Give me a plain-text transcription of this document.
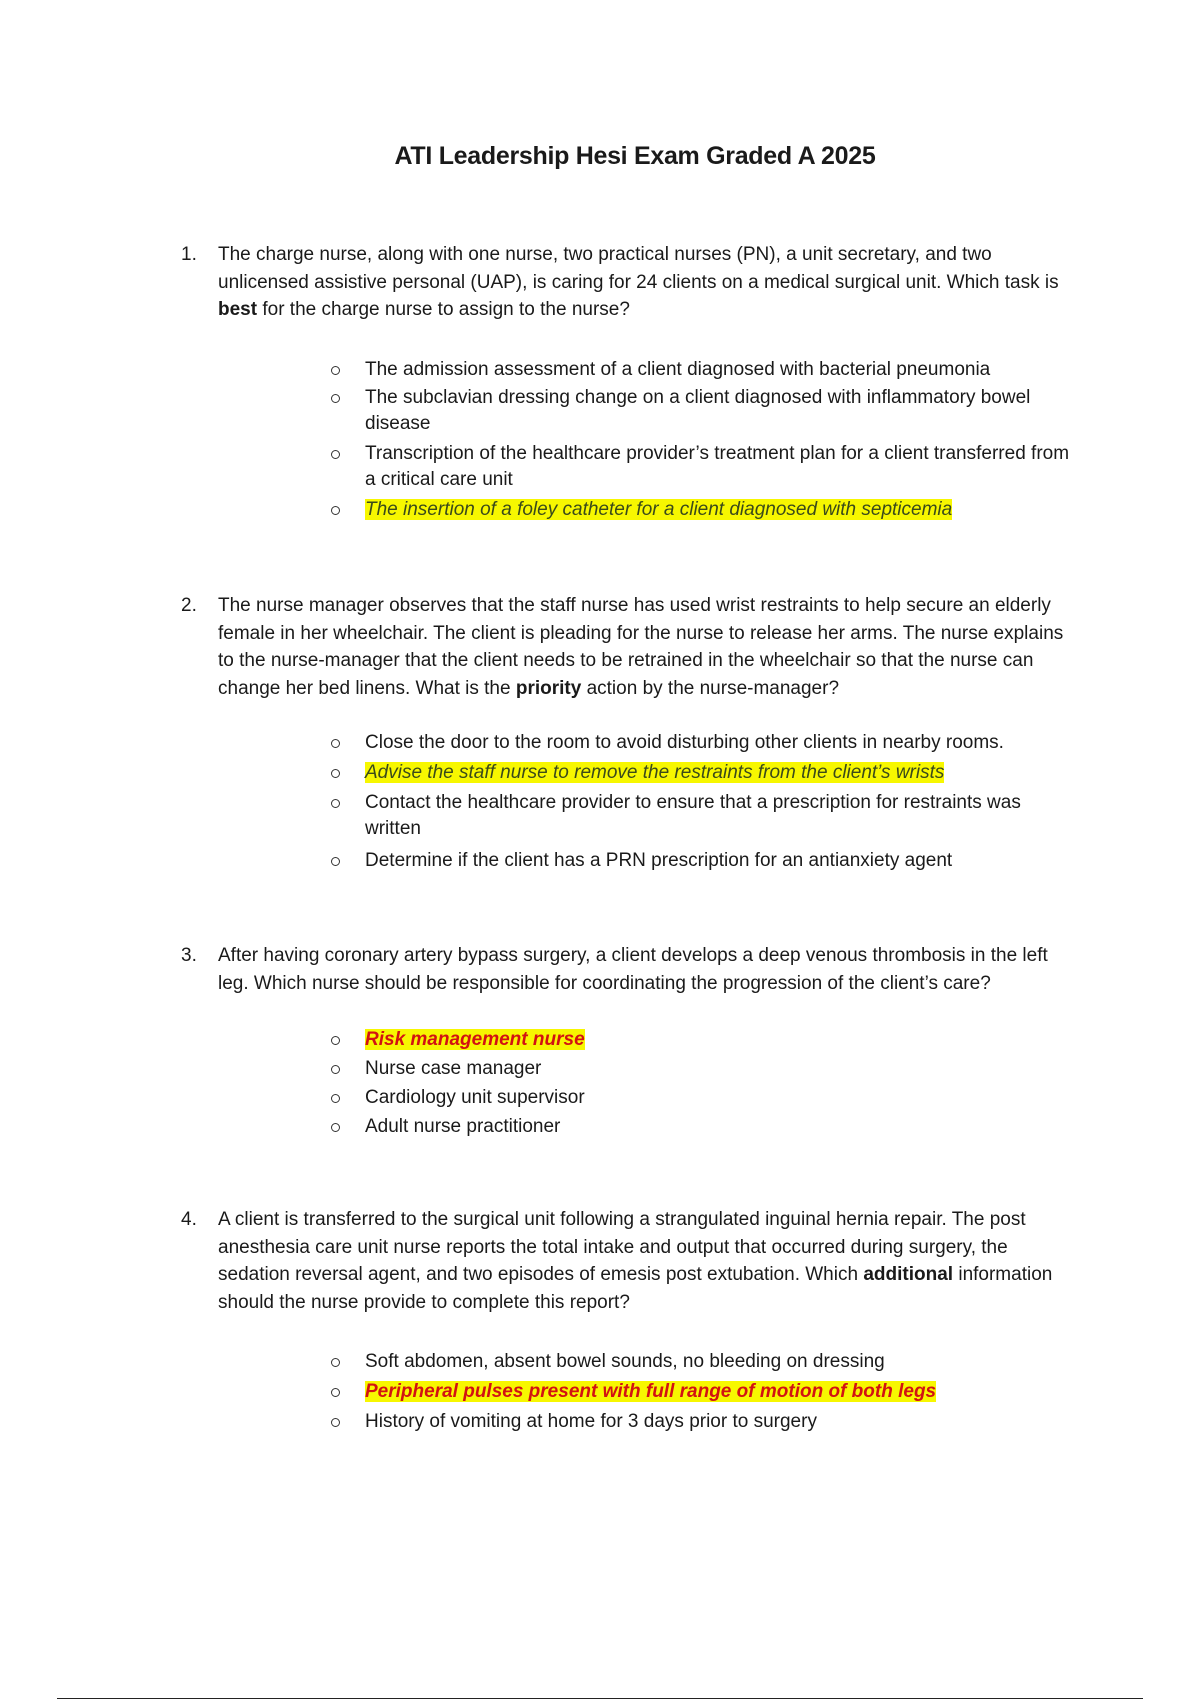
ATI Leadership Hesi Exam Graded A 2025
1. The charge nurse, along with one nurse, two practical nurses (PN), a unit secretary, and two unlicensed assistive personal (UAP), is caring for 24 clients on a medical surgical unit. Which task is best for the charge nurse to assign to the nurse?
The admission assessment of a client diagnosed with bacterial pneumonia
The subclavian dressing change on a client diagnosed with inflammatory bowel disease
Transcription of the healthcare provider’s treatment plan for a client transferred from a critical care unit
The insertion of a foley catheter for a client diagnosed with septicemia
2. The nurse manager observes that the staff nurse has used wrist restraints to help secure an elderly female in her wheelchair. The client is pleading for the nurse to release her arms. The nurse explains to the nurse-manager that the client needs to be retrained in the wheelchair so that the nurse can change her bed linens. What is the priority action by the nurse-manager?
Close the door to the room to avoid disturbing other clients in nearby rooms.
Advise the staff nurse to remove the restraints from the client’s wrists
Contact the healthcare provider to ensure that a prescription for restraints was written
Determine if the client has a PRN prescription for an antianxiety agent
3. After having coronary artery bypass surgery, a client develops a deep venous thrombosis in the left leg. Which nurse should be responsible for coordinating the progression of the client’s care?
Risk management nurse
Nurse case manager
Cardiology unit supervisor
Adult nurse practitioner
4. A client is transferred to the surgical unit following a strangulated inguinal hernia repair. The post anesthesia care unit nurse reports the total intake and output that occurred during surgery, the sedation reversal agent, and two episodes of emesis post extubation. Which additional information should the nurse provide to complete this report?
Soft abdomen, absent bowel sounds, no bleeding on dressing
Peripheral pulses present with full range of motion of both legs
History of vomiting at home for 3 days prior to surgery
